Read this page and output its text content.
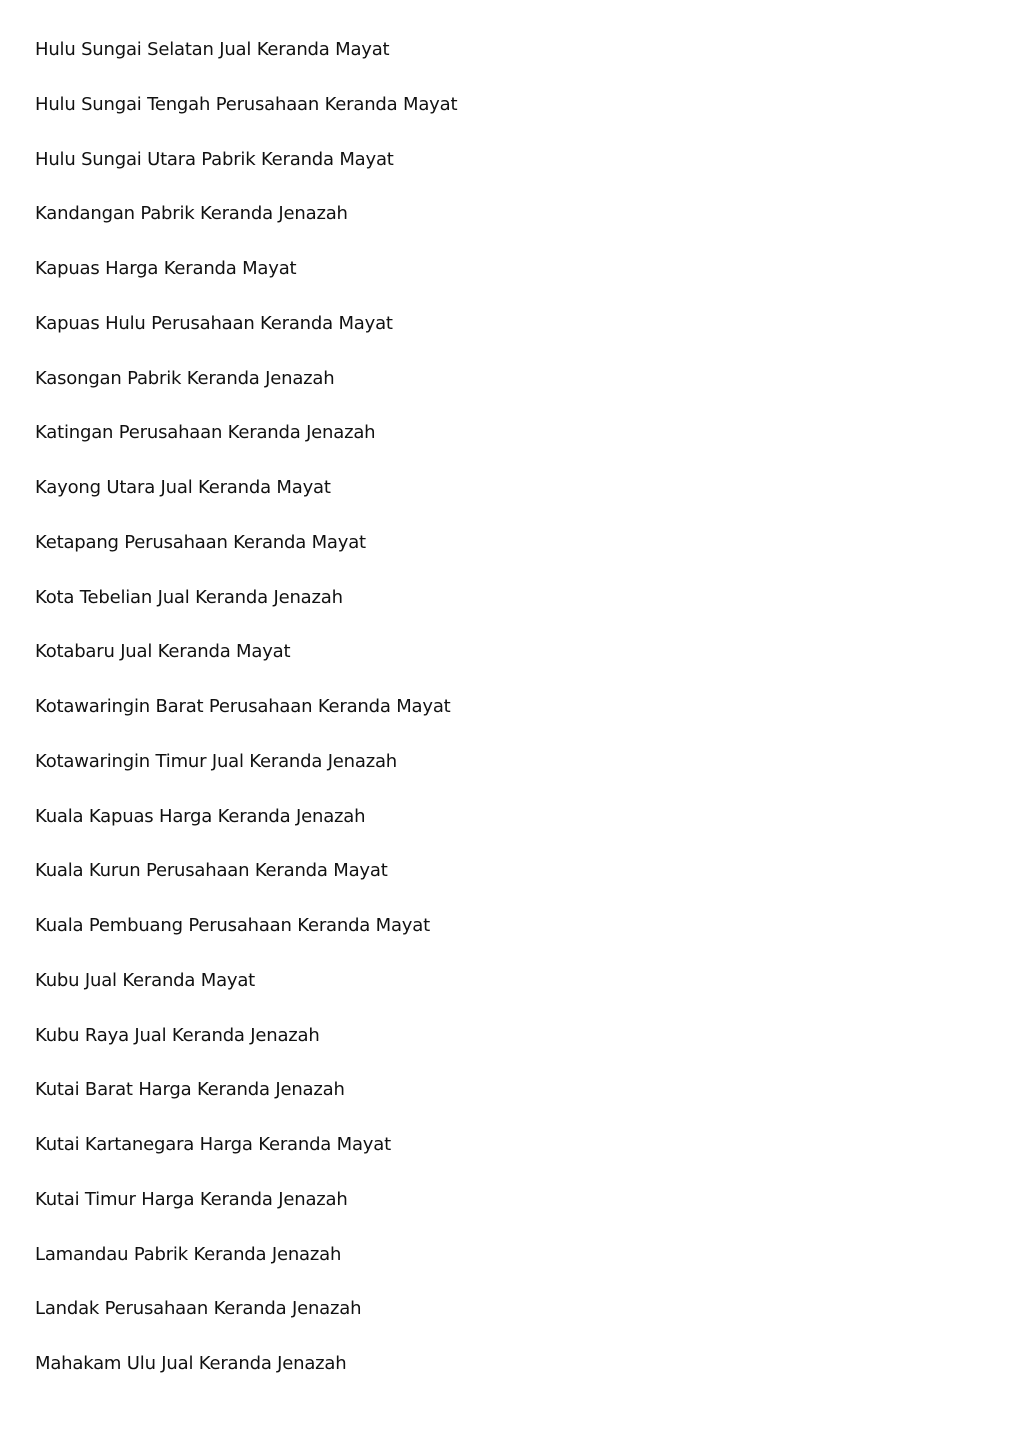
Hulu Sungai Selatan Jual Keranda Mayat
Hulu Sungai Tengah Perusahaan Keranda Mayat
Hulu Sungai Utara Pabrik Keranda Mayat
Kandangan Pabrik Keranda Jenazah
Kapuas Harga Keranda Mayat
Kapuas Hulu Perusahaan Keranda Mayat
Kasongan Pabrik Keranda Jenazah
Katingan Perusahaan Keranda Jenazah
Kayong Utara Jual Keranda Mayat
Ketapang Perusahaan Keranda Mayat
Kota Tebelian Jual Keranda Jenazah
Kotabaru Jual Keranda Mayat
Kotawaringin Barat Perusahaan Keranda Mayat
Kotawaringin Timur Jual Keranda Jenazah
Kuala Kapuas Harga Keranda Jenazah
Kuala Kurun Perusahaan Keranda Mayat
Kuala Pembuang Perusahaan Keranda Mayat
Kubu Jual Keranda Mayat
Kubu Raya Jual Keranda Jenazah
Kutai Barat Harga Keranda Jenazah
Kutai Kartanegara Harga Keranda Mayat
Kutai Timur Harga Keranda Jenazah
Lamandau Pabrik Keranda Jenazah
Landak Perusahaan Keranda Jenazah
Mahakam Ulu Jual Keranda Jenazah
